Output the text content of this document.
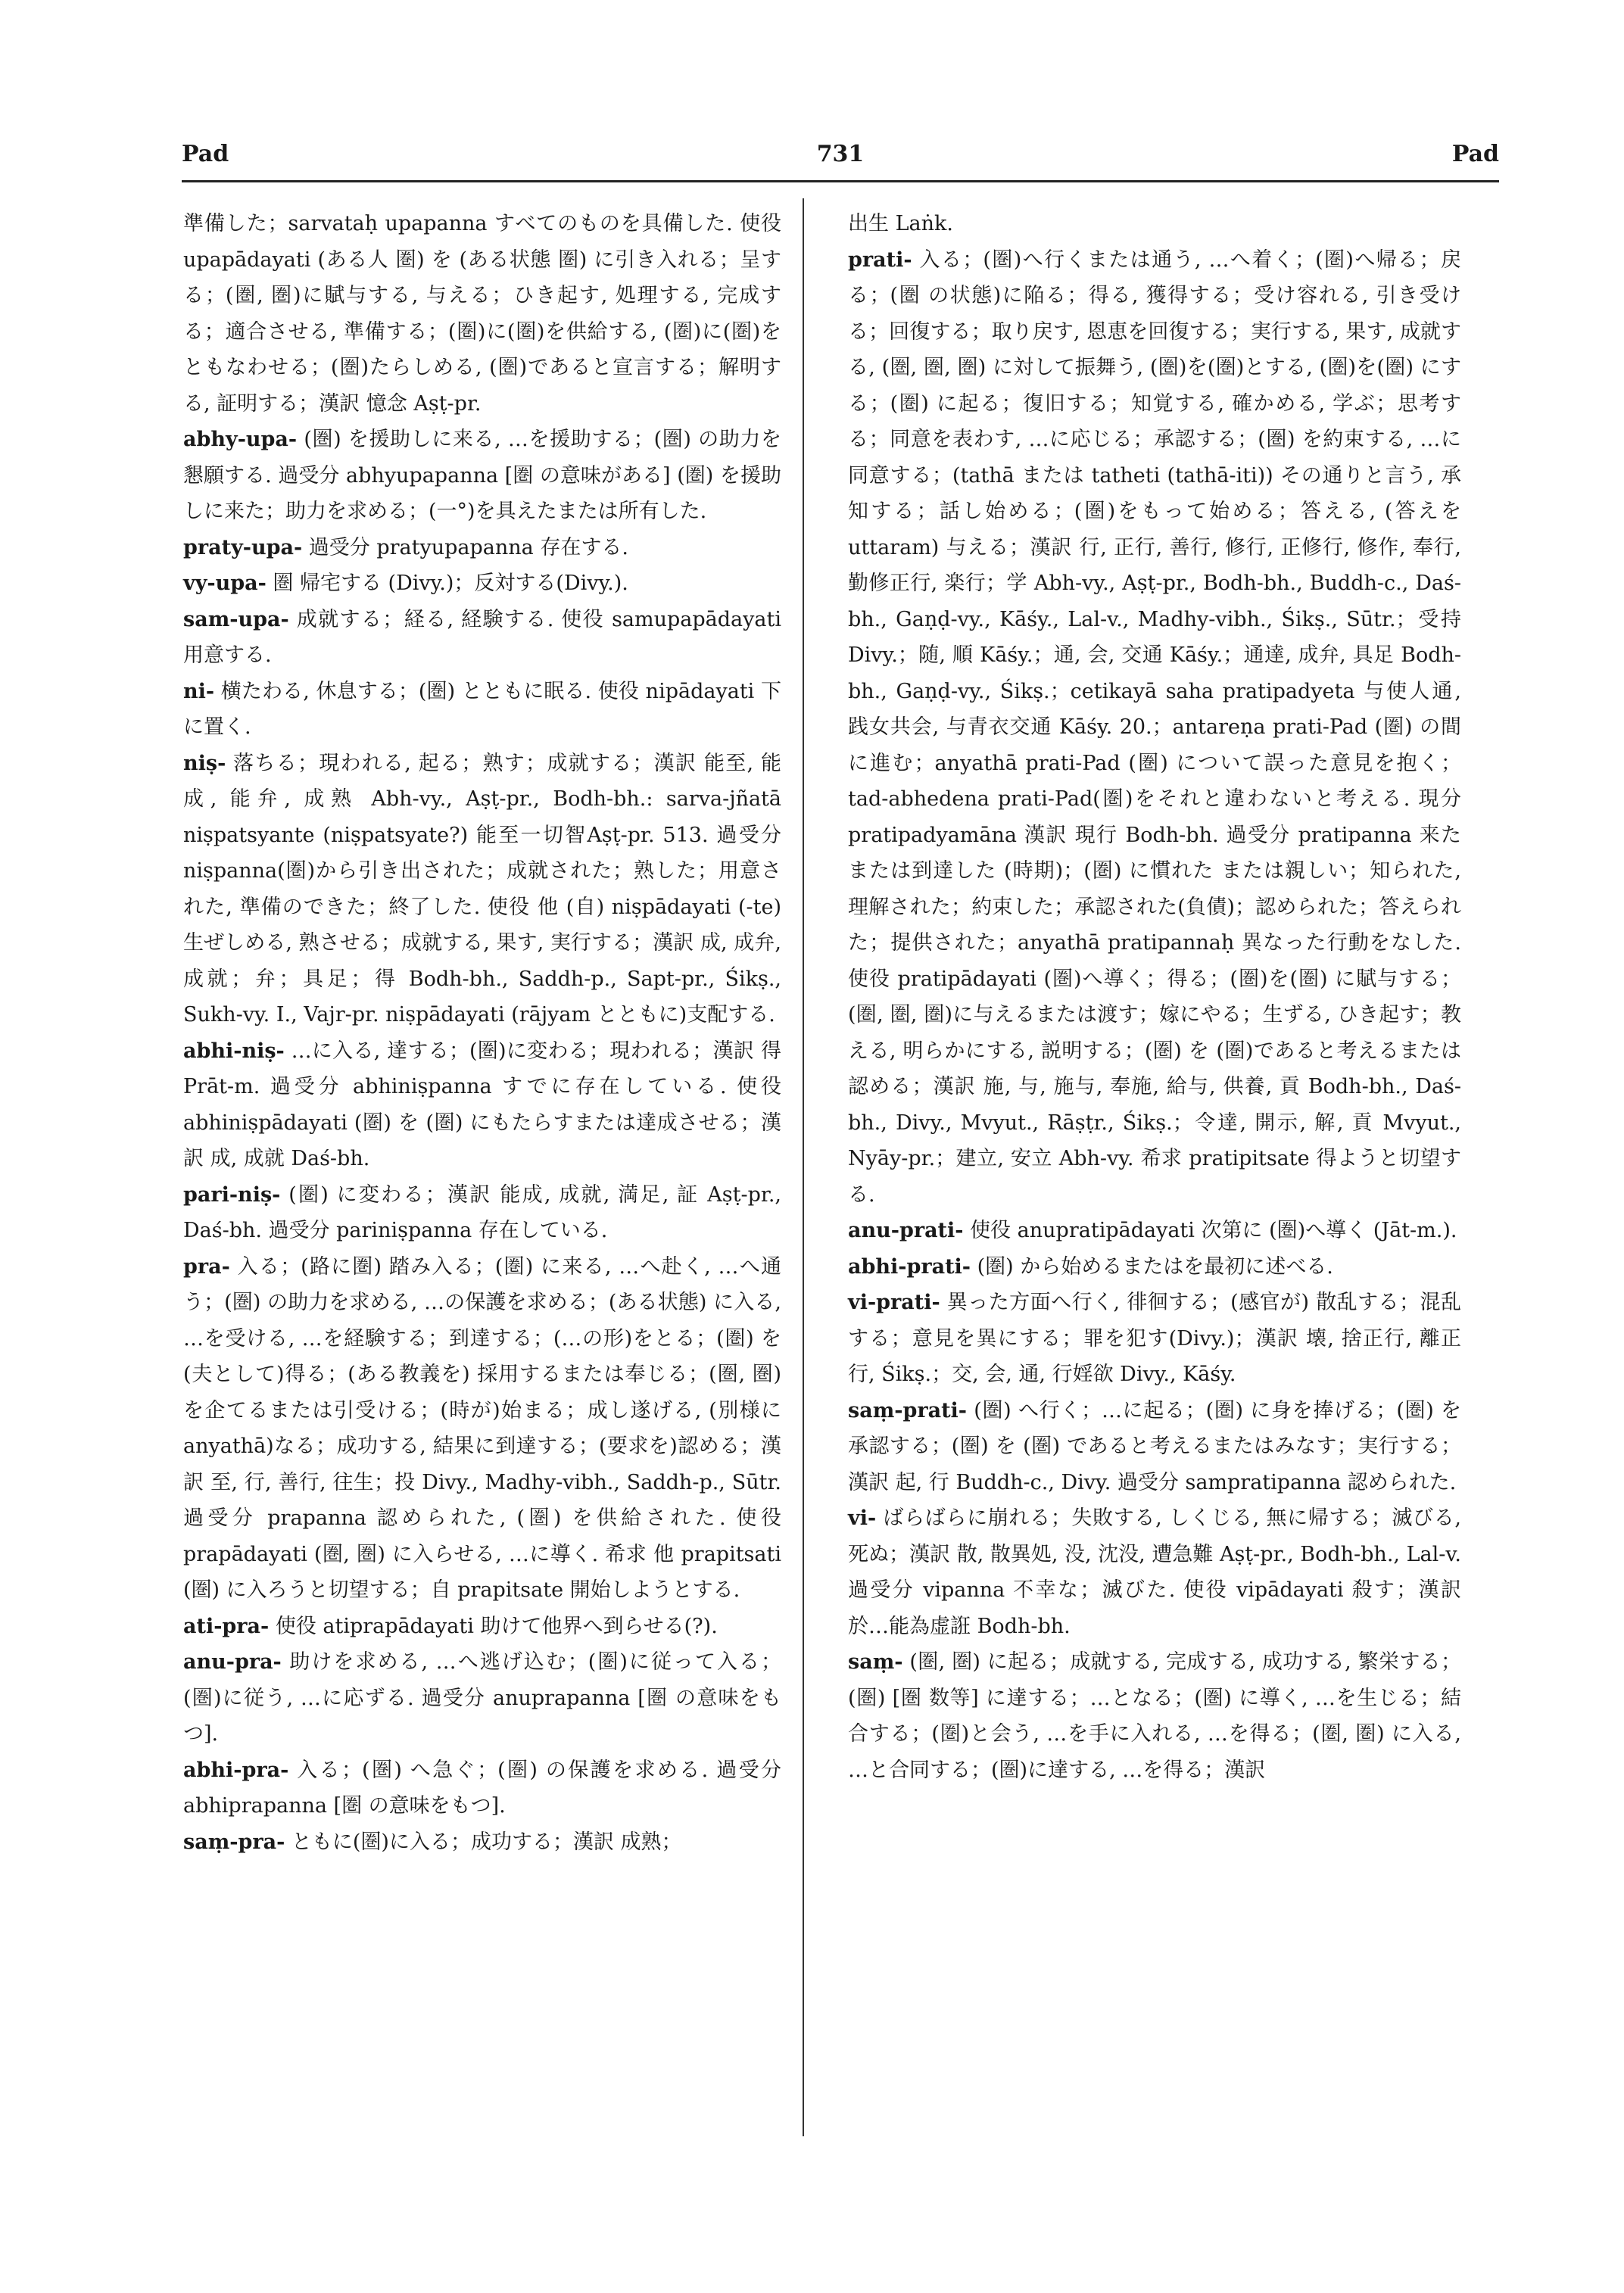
Pad	731	Pad

準備した；sarvataḥ upapanna すべてのものを具備した. 使役 upapādayati (ある人 圏) を (ある状態 圏) に引き入れる；呈する；(圏, 圏)に賦与する, 与える；ひき起す, 処理する, 完成する；適合させる, 準備する；(圏)に(圏)を供給する, (圏)に(圏)をともなわせる；(圏)たらしめる, (圏)であると宣言する；解明する, 証明する；漢訳 憶念 Aṣṭ-pr.

abhy-upa- (圏) を援助しに来る, …を援助する；(圏) の助力を懇願する. 過受分 abhyupapanna [圏 の意味がある] (圏) を援助しに来た；助力を求める；(一°)を具えたまたは所有した.

praty-upa- 過受分 pratyupapanna 存在する.

vy-upa- 圏 帰宅する (Divy.)；反対する(Divy.).

sam-upa- 成就する；経る, 経験する. 使役 samupapādayati 用意する.

ni- 横たわる, 休息する；(圏) とともに眠る. 使役 nipādayati 下に置く.

niṣ- 落ちる；現われる, 起る；熟す；成就する；漢訳 能至, 能成, 能弁, 成熟 Abh-vy., Aṣṭ-pr., Bodh-bh.: sarva-jñatā niṣpatsyante (niṣpatsyate?) 能至一切智Aṣṭ-pr. 513. 過受分 niṣpanna(圏)から引き出された；成就された；熟した；用意された, 準備のできた；終了した. 使役 他 (自) niṣpādayati (-te) 生ぜしめる, 熟させる；成就する, 果す, 実行する；漢訳 成, 成弁, 成就；弁；具足；得 Bodh-bh., Saddh-p., Sapt-pr., Śikṣ., Sukh-vy. I., Vajr-pr. niṣpādayati (rājyam とともに)支配する.

abhi-niṣ- …に入る, 達する；(圏)に変わる；現われる；漢訳 得 Prāt-m. 過受分 abhiniṣpanna すでに存在している. 使役 abhiniṣpādayati (圏) を (圏) にもたらすまたは達成させる；漢訳 成, 成就 Daś-bh.

pari-niṣ- (圏) に変わる；漢訳 能成, 成就, 満足, 証 Aṣṭ-pr., Daś-bh. 過受分 pariniṣpanna 存在している.

pra- 入る；(路に圏) 踏み入る；(圏) に来る, …へ赴く, …へ通う；(圏) の助力を求める, …の保護を求める；(ある状態) に入る, …を受ける, …を経験する；到達する；(…の形)をとる；(圏) を(夫として)得る；(ある教義を) 採用するまたは奉じる；(圏, 圏)を企てるまたは引受ける；(時が)始まる；成し遂げる, (別様に anyathā)なる；成功する, 結果に到達する；(要求を)認める；漢訳 至, 行, 善行, 往生；投 Divy., Madhy-vibh., Saddh-p., Sūtr. 過受分 prapanna 認められた, (圏) を供給された. 使役 prapādayati (圏, 圏) に入らせる, …に導く. 希求 他 prapitsati (圏) に入ろうと切望する；自 prapitsate 開始しようとする.

ati-pra- 使役 atiprapādayati 助けて他界へ到らせる(?).

anu-pra- 助けを求める, …へ逃げ込む；(圏)に従って入る；(圏)に従う, …に応ずる. 過受分 anuprapanna [圏 の意味をもつ].

abhi-pra- 入る；(圏) へ急ぐ；(圏) の保護を求める. 過受分 abhiprapanna [圏 の意味をもつ].

saṃ-pra- ともに(圏)に入る；成功する；漢訳 成熟；

出生 Laṅk.

prati- 入る；(圏)へ行くまたは通う, …へ着く；(圏)へ帰る；戻る；(圏 の状態)に陥る；得る, 獲得する；受け容れる, 引き受ける；回復する；取り戻す, 恩恵を回復する；実行する, 果す, 成就する, (圏, 圏, 圏) に対して振舞う, (圏)を(圏)とする, (圏)を(圏) にする；(圏) に起る；復旧する；知覚する, 確かめる, 学ぶ；思考する；同意を表わす, …に応じる；承認する；(圏) を約束する, …に同意する；(tathā または tatheti (tathā-iti)) その通りと言う, 承知する；話し始める；(圏)をもって始める；答える, (答えを uttaram) 与える；漢訳 行, 正行, 善行, 修行, 正修行, 修作, 奉行, 勤修正行, 楽行；学 Abh-vy., Aṣṭ-pr., Bodh-bh., Buddh-c., Daś-bh., Gaṇḍ-vy., Kāśy., Lal-v., Madhy-vibh., Śikṣ., Sūtr.；受持 Divy.；随, 順 Kāśy.；通, 会, 交通 Kāśy.；通達, 成弁, 具足 Bodh-bh., Gaṇḍ-vy., Śikṣ.；cetikayā saha pratipadyeta 与使人通, 践女共会, 与青衣交通 Kāśy. 20.；antareṇa prati-Pad (圏) の間に進む；anyathā prati-Pad (圏) について誤った意見を抱く；tad-abhedena prati-Pad(圏)をそれと違わないと考える. 現分 pratipadyamāna 漢訳 現行 Bodh-bh. 過受分 pratipanna 来た または到達した (時期)；(圏) に慣れた または親しい；知られた, 理解された；約束した；承認された(負債)；認められた；答えられた；提供された；anyathā pratipannaḥ 異なった行動をなした. 使役 pratipādayati (圏)へ導く；得る；(圏)を(圏) に賦与する；(圏, 圏, 圏)に与えるまたは渡す；嫁にやる；生ずる, ひき起す；教える, 明らかにする, 説明する；(圏) を (圏)であると考えるまたは認める；漢訳 施, 与, 施与, 奉施, 給与, 供養, 貢 Bodh-bh., Daś-bh., Divy., Mvyut., Rāṣṭr., Śikṣ.；令達, 開示, 解, 貢 Mvyut., Nyāy-pr.；建立, 安立 Abh-vy. 希求 pratipitsate 得ようと切望する.

anu-prati- 使役 anupratipādayati 次第に (圏)へ導く (Jāt-m.).

abhi-prati- (圏) から始めるまたはを最初に述べる.

vi-prati- 異った方面へ行く, 徘徊する；(感官が) 散乱する；混乱する；意見を異にする；罪を犯す(Divy.)；漢訳 壊, 捨正行, 離正行, Śikṣ.；交, 会, 通, 行婬欲 Divy., Kāśy.

saṃ-prati- (圏) へ行く；…に起る；(圏) に身を捧げる；(圏) を承認する；(圏) を (圏) であると考えるまたはみなす；実行する；漢訳 起, 行 Buddh-c., Divy. 過受分 sampratipanna 認められた.

vi- ばらばらに崩れる；失敗する, しくじる, 無に帰する；滅びる, 死ぬ；漢訳 散, 散異処, 没, 沈没, 遭急難 Aṣṭ-pr., Bodh-bh., Lal-v. 過受分 vipanna 不幸な；滅びた. 使役 vipādayati 殺す；漢訳 於…能為虚誑 Bodh-bh.

saṃ- (圏, 圏) に起る；成就する, 完成する, 成功する, 繁栄する；(圏) [圏 数等] に達する；…となる；(圏) に導く, …を生じる；結合する；(圏)と会う, …を手に入れる, …を得る；(圏, 圏) に入る, …と合同する；(圏)に達する, …を得る；漢訳
